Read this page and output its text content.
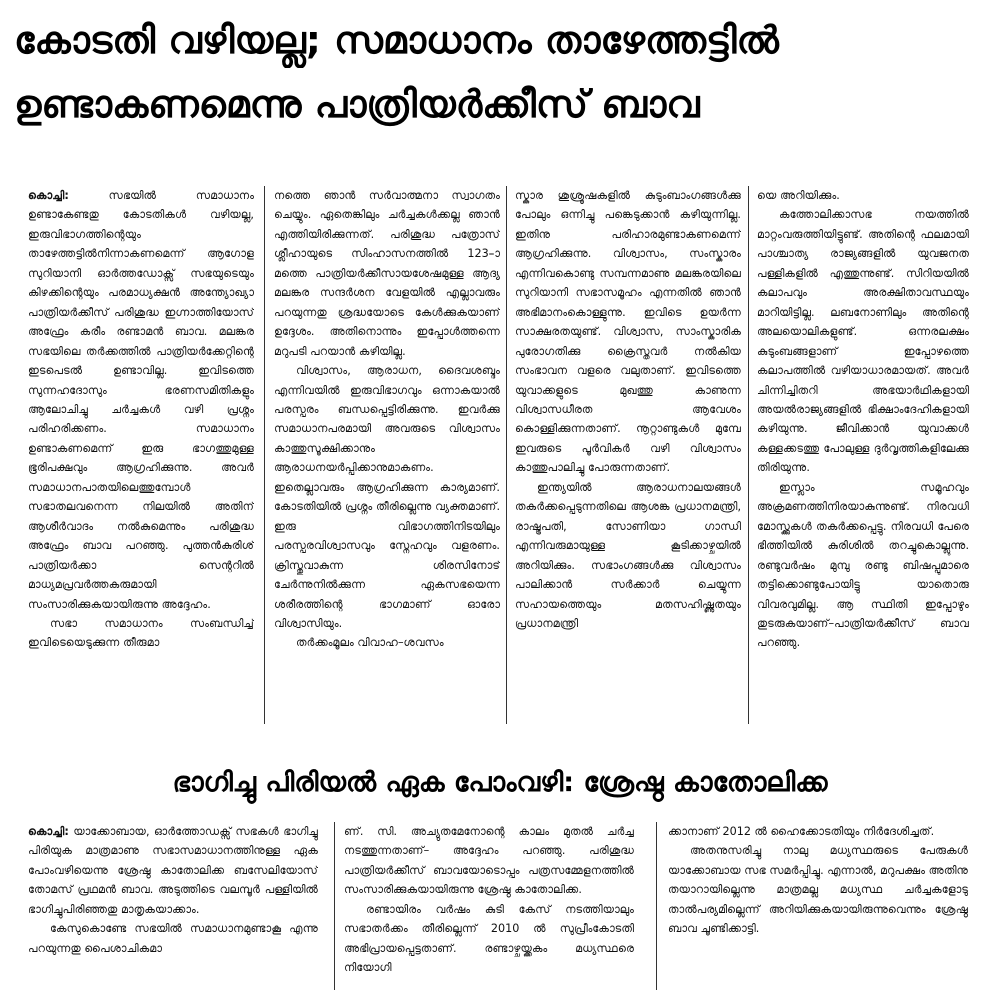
കോടതി വഴിയല്ല; സമാധാനം താഴേത്തട്ടിൽ
ഉണ്ടാകണമെന്നു പാത്രിയർക്കീസ് ബാവ

കൊച്ചി:	സഭയിൽ സമാധാനം ഉണ്ടാകേണ്ടതു കോടതികൾ വഴിയല്ല, ഇരുവിഭാഗത്തിന്റെയും താഴേത്തട്ടിൽനിന്നാകണമെന്ന് ആഗോള സുറിയാനി ഓർത്തഡോക്സ് സഭയുടെയും കിഴക്കിന്റെയും പരമാധ്യക്ഷൻ അന്ത്യോഖ്യാ പാത്രിയർക്കീസ് പരിശുദ്ധ ഇഗ്നാത്തിയോസ് അഫ്രേം കരീം രണ്ടാമൻ ബാവ. മലങ്കര സഭയിലെ തർക്കത്തിൽ പാത്രിയർക്കേറ്റിന്റെ ഇടപെടൽ ഉണ്ടാവില്ല. ഇവിടത്തെ സുന്നഹദോസും ഭരണസമിതികളും ആലോചിച്ചു ചർച്ചകൾ വഴി പ്രശ്നം പരിഹരിക്കണം. സമാധാനം ഉണ്ടാകണമെന്ന് ഇരു ഭാഗത്തുമുള്ള ഭൂരിപക്ഷവും ആഗ്രഹിക്കുന്നു. അവർ സമാധാനപാതയിലെത്തുമ്പോൾ സഭാതലവനെന്ന നിലയിൽ അതിന് ആശീർവാദം നൽകുമെന്നും പരിശുദ്ധ അഫ്രേം ബാവ പറഞ്ഞു. പുത്തൻകുരിശ് പാത്രിയർക്കാ സെന്ററിൽ മാധ്യമപ്രവർത്തകരുമായി സംസാരിക്കുകയായിരുന്നു അദ്ദേഹം.

സഭാ സമാധാനം സംബന്ധിച്ച് ഇവിടെയെടുക്കുന്ന തീരുമാ

നത്തെ ഞാൻ സർവാത്മനാ സ്വാഗതം ചെയ്യും. ഏതെങ്കിലും ചർച്ചകൾക്കല്ല ഞാൻ എത്തിയിരിക്കുന്നത്. പരിശുദ്ധ പത്രോസ് ശ്ലീഹായുടെ സിംഹാസനത്തിൽ 123–ാമത്തെ പാത്രിയർക്കീസായശേഷമുള്ള ആദ്യ മലങ്കര സന്ദർശന വേളയിൽ എല്ലാവരും പറയുന്നതു ശ്രദ്ധയോടെ കേൾക്കുകയാണ് ഉദ്ദേശം. അതിനൊന്നും ഇപ്പോൾത്തന്നെ മറുപടി പറയാൻ കഴിയില്ല.

വിശ്വാസം, ആരാധന, ദൈവശബ്ദം എന്നിവയിൽ ഇരുവിഭാഗവും ഒന്നാകയാൽ പരസ്പരം ബന്ധപ്പെട്ടിരിക്കുന്നു. ഇവർക്കു സമാധാനപരമായി അവരുടെ വിശ്വാസം കാത്തുസൂക്ഷിക്കാനും ആരാധനയർപ്പിക്കാനുമാകണം. ഇതെല്ലാവരും ആഗ്രഹിക്കുന്ന കാര്യമാണ്. കോടതിയിൽ പ്രശ്നം തീരില്ലെന്നു വ്യക്തമാണ്. ഇരു വിഭാഗത്തിനിടയിലും പരസ്പരവിശ്വാസവും സ്നേഹവും വളരണം. ക്രിസ്തുവാകുന്ന ശിരസിനോട് ചേർന്നുനിൽക്കുന്ന ഏകസഭയെന്ന ശരീരത്തിന്റെ ഭാഗമാണ് ഓരോ വിശ്വാസിയും.

തർക്കംമൂലം വിവാഹ–ശവസം

സ്കാര ശുശ്രൂഷകളിൽ കുടുംബാംഗങ്ങൾക്കു പോലും ഒന്നിച്ചു പങ്കെടുക്കാൻ കഴിയുന്നില്ല. ഇതിനു പരിഹാരമുണ്ടാകണമെന്ന് ആഗ്രഹിക്കുന്നു. വിശ്വാസം, സംസ്കാരം എന്നിവകൊണ്ടു സമ്പന്നമാണു മലങ്കരയിലെ സുറിയാനി സഭാസമൂഹം എന്നതിൽ ഞാൻ അഭിമാനംകൊള്ളുന്നു. ഇവിടെ ഉയർന്ന സാക്ഷരതയുണ്ട്. വിശ്വാസ, സാംസ്കാരിക പുരോഗതിക്കു ക്രൈസ്തവർ നൽകിയ സംഭാവന വളരെ വലുതാണ്. ഇവിടത്തെ യുവാക്കളുടെ മുഖത്തു കാണുന്ന വിശ്വാസധീരത ആവേശം കൊള്ളിക്കുന്നതാണ്. നൂറ്റാണ്ടുകൾ മുമ്പേ ഇവരുടെ പൂർവികർ വഴി വിശ്വാസം കാത്തുപാലിച്ചു പോരുന്നതാണ്.

ഇന്ത്യയിൽ ആരാധനാലയങ്ങൾ തകർക്കപ്പെടുന്നതിലെ ആശങ്ക പ്രധാനമന്ത്രി, രാഷ്ട്രപതി, സോണിയാ ഗാന്ധി എന്നിവരുമായുള്ള കൂടിക്കാഴ്ചയിൽ അറിയിക്കും. സഭാംഗങ്ങൾക്കു വിശ്വാസം പാലിക്കാൻ സർക്കാർ ചെയ്യുന്ന സഹായത്തെയും മതസഹിഷ്ണുതയും പ്രധാനമന്ത്രി

യെ അറിയിക്കും.

കത്തോലിക്കാസഭ നയത്തിൽ മാറ്റംവരുത്തിയിട്ടുണ്ട്. അതിന്റെ ഫലമായി പാശ്ചാത്യ രാജ്യങ്ങളിൽ യുവജനത പള്ളികളിൽ എത്തുന്നുണ്ട്. സിറിയയിൽ കലാപവും അരക്ഷിതാവസ്ഥയും മാറിയിട്ടില്ല. ലബനോണിലും അതിന്റെ അലയൊലികളുണ്ട്. ഒന്നരലക്ഷം കുടുംബങ്ങളാണ് ഇപ്പോഴത്തെ കലാപത്തിൽ വഴിയാധാരമായത്. അവർ ചിന്നിച്ചിതറി അഭയാർഥികളായി അയൽരാജ്യങ്ങളിൽ ഭിക്ഷാംദേഹികളായി കഴിയുന്നു. ജീവിക്കാൻ യുവാക്കൾ കള്ളക്കടത്തു പോലുള്ള ദുർവൃത്തികളിലേക്കു തിരിയുന്നു.

ഇസ്ലാം സമൂഹവും അക്രമണത്തിനിരയാകുന്നുണ്ട്. നിരവധി മോസ്ക്കുകൾ തകർക്കപ്പെട്ടു. നിരവധി പേരെ ഭിത്തിയിൽ കുരിശിൽ തറച്ചുകൊല്ലുന്നു. രണ്ടുവർഷം മുമ്പു രണ്ടു ബിഷപ്പുമാരെ തട്ടിക്കൊണ്ടുപോയിട്ടു യാതൊരു വിവരവുമില്ല. ആ സ്ഥിതി ഇപ്പോഴും തുടരുകയാണ്–പാത്രിയർക്കീസ് ബാവ പറഞ്ഞു.

ഭാഗിച്ചു പിരിയൽ ഏക പോംവഴി: ശ്രേഷ്ഠ കാതോലിക്ക

കൊച്ചി: യാക്കോബായ, ഓർത്തോഡക്സ് സഭകൾ ഭാഗിച്ചു പിരിയുക മാത്രമാണു സഭാസമാധാനത്തിനുള്ള ഏക പോംവഴിയെന്നു ശ്രേഷ്ഠ കാതോലിക്ക ബസേലിയോസ് തോമസ് പ്രഥമൻ ബാവ. അടുത്തിടെ വലമ്പൂർ പള്ളിയിൽ ഭാഗിച്ചുപിരിഞ്ഞതു മാതൃകയാക്കാം.

കേസുകൊണ്ടേ സഭയിൽ സമാധാനമുണ്ടാകൂ എന്നു പറയുന്നതു പൈശാചികമാ

ണ്. സി. അച്യുതമേനോന്റെ കാലം മുതൽ ചർച്ച നടത്തുന്നതാണ്– അദ്ദേഹം പറഞ്ഞു. പരിശുദ്ധ പാത്രിയർക്കീസ് ബാവയോടൊപ്പം പത്രസമ്മേളനത്തിൽ സംസാരിക്കുകയായിരുന്നു ശ്രേഷ്ഠ കാതോലിക്ക.

രണ്ടായിരം വർഷം കുടി കേസ് നടത്തിയാലും സഭാതർക്കം തീരില്ലെന്ന് 2010 ൽ സുപ്രീംകോടതി അഭിപ്രായപ്പെട്ടതാണ്. രണ്ടാഴ്ചയ്ക്കകം മധ്യസ്ഥരെ നിയോഗി

ക്കാനാണ് 2012 ൽ ഹൈക്കോടതിയും നിർദേശിച്ചത്.

അതനുസരിച്ചു നാലു മധ്യസ്ഥരുടെ പേരുകൾ യാക്കോബായ സഭ സമർപ്പിച്ചു. എന്നാൽ, മറുപക്ഷം അതിനു തയാറായില്ലെന്നു മാത്രമല്ല മധ്യസ്ഥ ചർച്ചകളോടു താൽപര്യമില്ലെന്ന് അറിയിക്കുകയായിരുന്നുവെന്നും ശ്രേഷ്ഠ ബാവ ചൂണ്ടിക്കാട്ടി.
